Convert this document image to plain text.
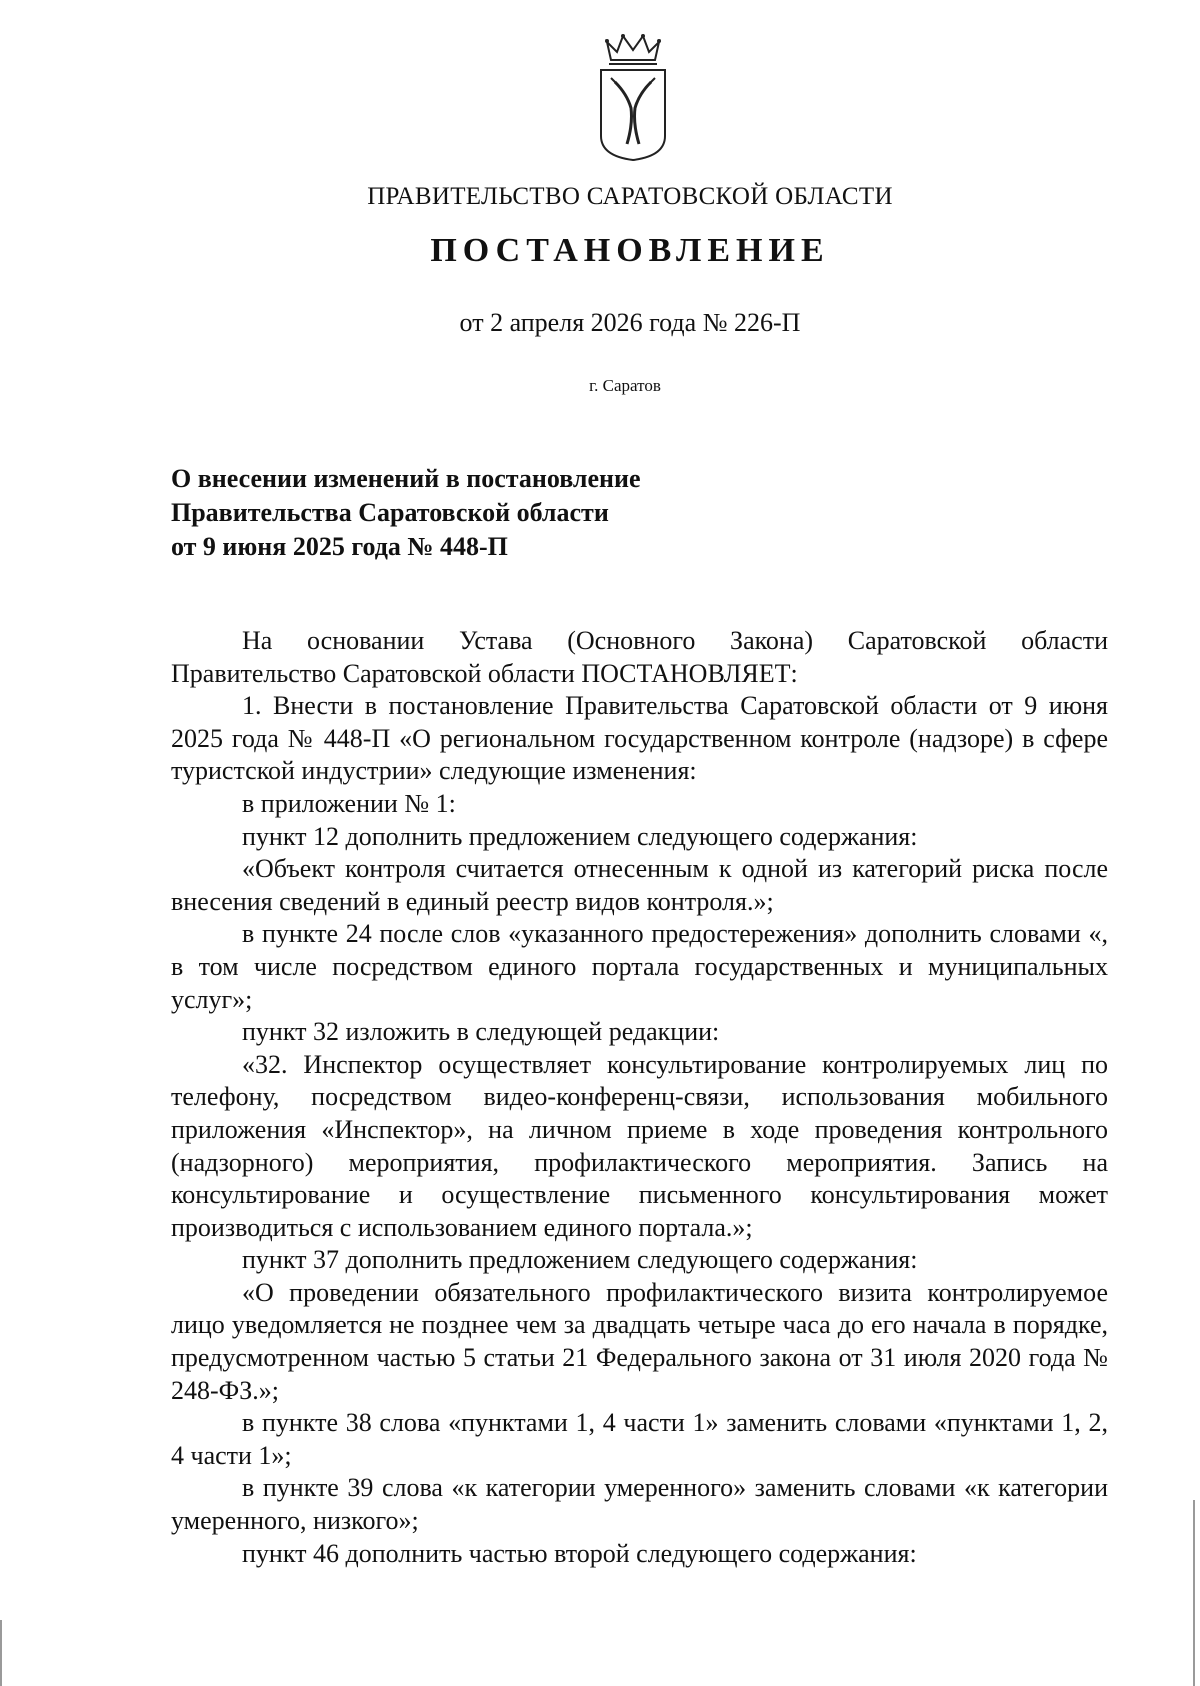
ПРАВИТЕЛЬСТВО САРАТОВСКОЙ ОБЛАСТИ
ПОСТАНОВЛЕНИЕ
от 2 апреля 2026 года № 226-П
г. Саратов
О внесении изменений в постановление
Правительства Саратовской области
от 9 июня 2025 года № 448-П

На основании Устава (Основного Закона) Саратовской области Правительство Саратовской области ПОСТАНОВЛЯЕТ:

1. Внести в постановление Правительства Саратовской области от 9 июня 2025 года № 448-П «О региональном государственном контроле (надзоре) в сфере туристской индустрии» следующие изменения:

в приложении № 1:

пункт 12 дополнить предложением следующего содержания:

«Объект контроля считается отнесенным к одной из категорий риска после внесения сведений в единый реестр видов контроля.»;

в пункте 24 после слов «указанного предостережения» дополнить словами «, в том числе посредством единого портала государственных и муниципальных услуг»;

пункт 32 изложить в следующей редакции:

«32. Инспектор осуществляет консультирование контролируемых лиц по телефону, посредством видео-конференц-связи, использования мобильного приложения «Инспектор», на личном приеме в ходе проведения контрольного (надзорного) мероприятия, профилактического мероприятия. Запись на консультирование и осуществление письменного консультирования может производиться с использованием единого портала.»;

пункт 37 дополнить предложением следующего содержания:

«О проведении обязательного профилактического визита контролируемое лицо уведомляется не позднее чем за двадцать четыре часа до его начала в порядке, предусмотренном частью 5 статьи 21 Федерального закона от 31 июля 2020 года № 248-ФЗ.»;

в пункте 38 слова «пунктами 1, 4 части 1» заменить словами «пунктами 1, 2, 4 части 1»;

в пункте 39 слова «к категории умеренного» заменить словами «к категории умеренного, низкого»;

пункт 46 дополнить частью второй следующего содержания:
